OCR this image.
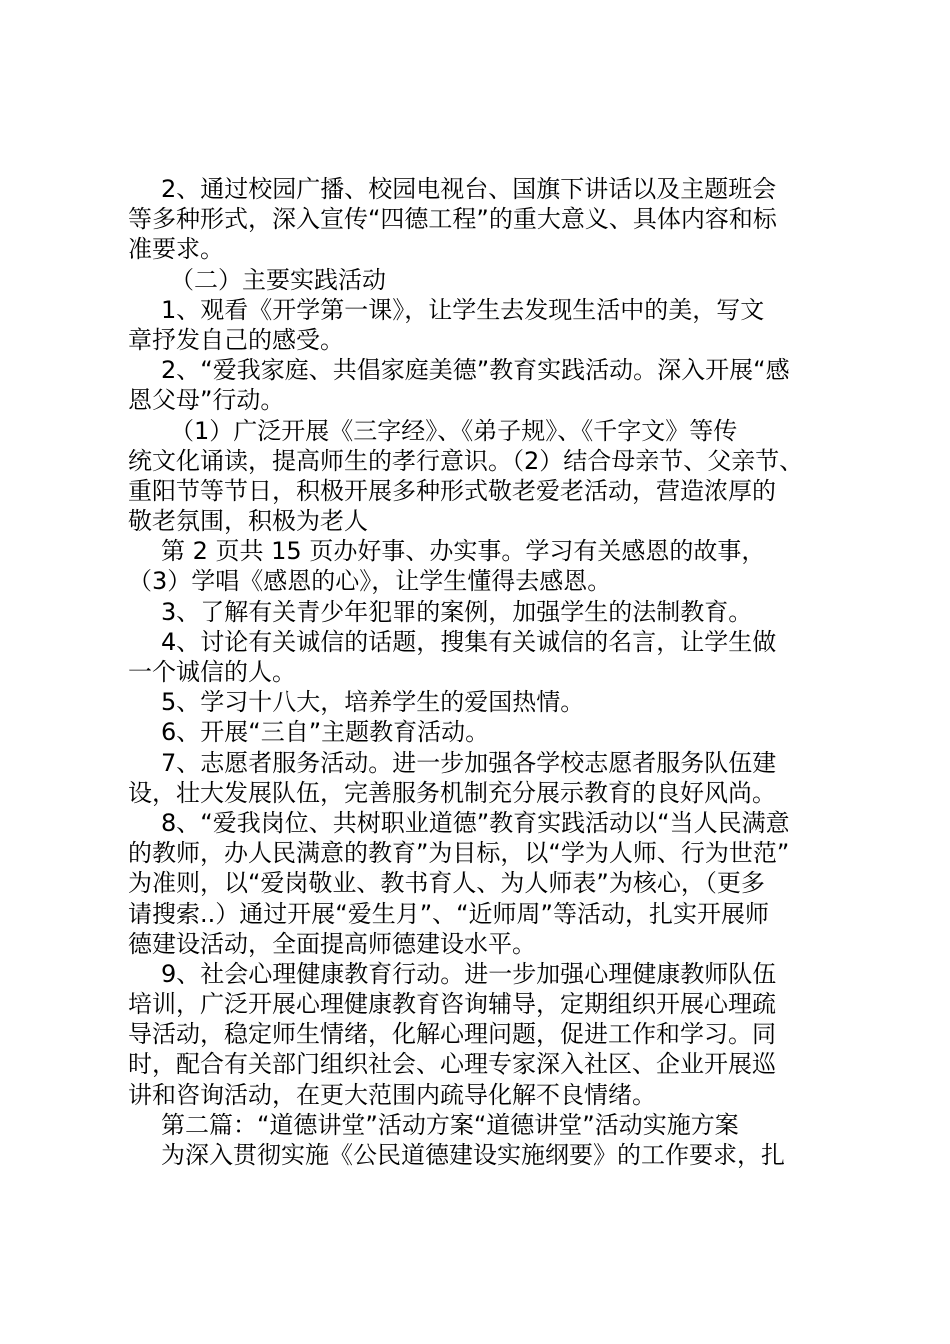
2、通过校园广播、校园电视台、国旗下讲话以及主题班会
等多种形式，深入宣传“四德工程”的重大意义、具体内容和标
准要求。
（二）主要实践活动
1、观看《开学第一课》，让学生去发现生活中的美，写文
章抒发自己的感受。
2、“爱我家庭、共倡家庭美德”教育实践活动。深入开展“感
恩父母”行动。
（1）广泛开展《三字经》、《弟子规》、《千字文》等传
统文化诵读，提高师生的孝行意识。（2）结合母亲节、父亲节、
重阳节等节日，积极开展多种形式敬老爱老活动，营造浓厚的
敬老氛围，积极为老人
第 2 页共 15 页办好事、办实事。学习有关感恩的故事，
（3）学唱《感恩的心》，让学生懂得去感恩。
3、了解有关青少年犯罪的案例，加强学生的法制教育。
4、讨论有关诚信的话题，搜集有关诚信的名言，让学生做
一个诚信的人。
5、学习十八大，培养学生的爱国热情。
6、开展“三自”主题教育活动。
7、志愿者服务活动。进一步加强各学校志愿者服务队伍建
设，壮大发展队伍，完善服务机制充分展示教育的良好风尚。
8、“爱我岗位、共树职业道德”教育实践活动以“当人民满意
的教师，办人民满意的教育”为目标，以“学为人师、行为世范”
为准则，以“爱岗敬业、教书育人、为人师表”为核心，（更多
请搜索..）通过开展“爱生月”、“近师周”等活动，扎实开展师
德建设活动，全面提高师德建设水平。
9、社会心理健康教育行动。进一步加强心理健康教师队伍
培训，广泛开展心理健康教育咨询辅导，定期组织开展心理疏
导活动，稳定师生情绪，化解心理问题，促进工作和学习。同
时，配合有关部门组织社会、心理专家深入社区、企业开展巡
讲和咨询活动，在更大范围内疏导化解不良情绪。
第二篇：“道德讲堂”活动方案“道德讲堂”活动实施方案
为深入贯彻实施《公民道德建设实施纲要》的工作要求，扎
